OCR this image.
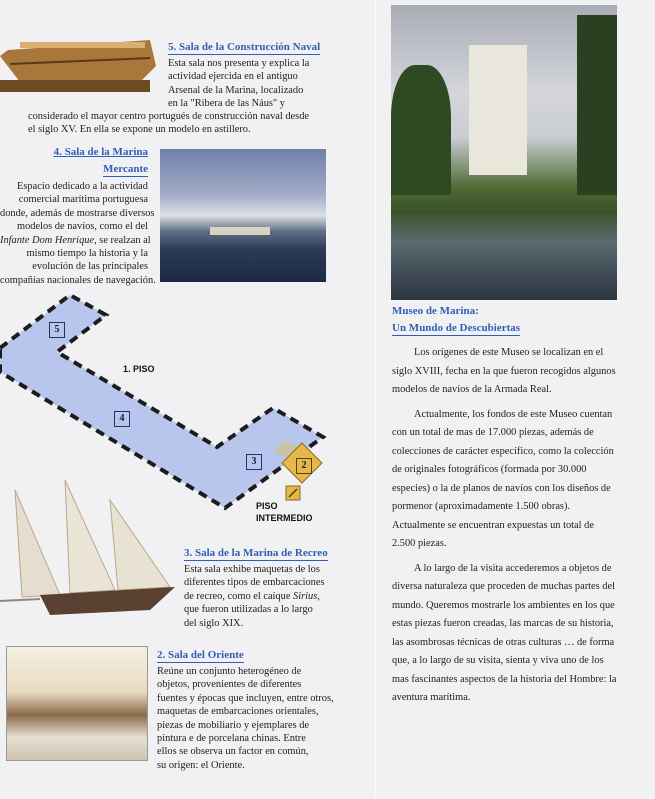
5. Sala de la Construcción Naval
Esta sala nos presenta y explica la
actividad ejercida en el antiguo
Arsenal de la Marina, localizado
en la "Ribera de las Náus" y
considerado el mayor centro portugués de construcción naval desde
el siglo XV. En ella se expone un modelo en astillero.
4. Sala de la Marina
Mercante
Espacio dedicado a la actividad
comercial marítima portuguesa
donde, además de mostrarse diversos
modelos de navíos, como el del
Infante Dom Henrique, se realzan al
mismo tiempo la historia y la
evolución de las principales
compañías nacionales de navegación.
5
4
3	2
1. PISO
PISO
INTERMEDIO
3. Sala de la Marina de Recreo
Esta sala exhibe maquetas de los
diferentes tipos de embarcaciones
de recreo, como el caíque Sirius,
que fueron utilizadas a lo largo
del siglo XIX.
2. Sala del Oriente
Reúne un conjunto heterogéneo de
objetos, provenientes de diferentes
fuentes y épocas que incluyen, entre otros,
maquetas de embarcaciones orientales,
piezas de mobiliario y ejemplares de
pintura e de porcelana chinas. Entre
ellos se observa un factor en común,
su origen: el Oriente.
Museo de Marina:
Un Mundo de Descubiertas

Los orígenes de este Museo se localizan en el siglo XVIII, fecha en la que fueron recogidos algunos modelos de navíos de la Armada Real.

Actualmente, los fondos de este Museo cuentan con un total de mas de 17.000 piezas, además de colecciones de carácter específico, como la colección de originales fotográficos (formada por 30.000 especies) o la de planos de navíos con los diseños de pormenor (aproximadamente 1.500 obras).

Actualmente se encuentran expuestas un total de 2.500 piezas.

A lo largo de la visita accederemos a objetos de diversa naturaleza que proceden de muchas partes del mundo. Queremos mostrarle los ambientes en los que estas piezas fueron creadas, las marcas de su historia, las asombrosas técnicas de otras culturas … de forma que, a lo largo de su visita, sienta y viva uno de los mas fascinantes aspectos de la historia del Hombre: la aventura marítima.
